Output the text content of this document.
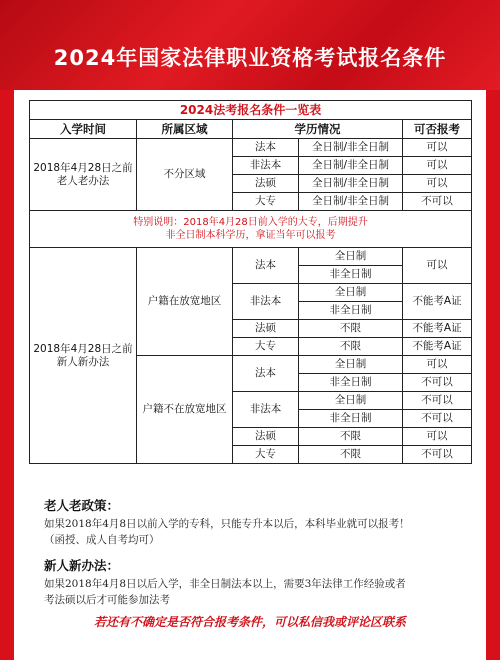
2024年国家法律职业资格考试报名条件
2024法考报名条件一览表				
入学时间	所属区域	学历情况		可否报考

2018年4月28日之前
老人老办法	不分区域	法本	全日制/非全日制	可以
		非法本	全日制/非全日制	可以
		法硕	全日制/非全日制	可以
		大专	全日制/非全日制	不可以

特别说明：2018年4月28日前入学的大专，后期提升
非全日制本科学历，拿证当年可以报考				

2018年4月28日之前
新人新办法	户籍在放宽地区	法本	全日制	可以
			非全日制	
		非法本	全日制	不能考A证
			非全日制	
		法硕	不限	不能考A证
		大专	不限	不能考A证
	户籍不在放宽地区	法本	全日制	可以
			非全日制	不可以
		非法本	全日制	不可以
			非全日制	不可以
		法硕	不限	可以
		大专	不限	不可以
老人老政策：
如果2018年4月8日以前入学的专科，只能专升本以后，本科毕业就可以报考！
（函授、成人自考均可）
新人新办法：
如果2018年4月8日以后入学，非全日制法本以上，需要3年法律工作经验或者
考法硕以后才可能参加法考
若还有不确定是否符合报考条件，可以私信我或评论区联系
